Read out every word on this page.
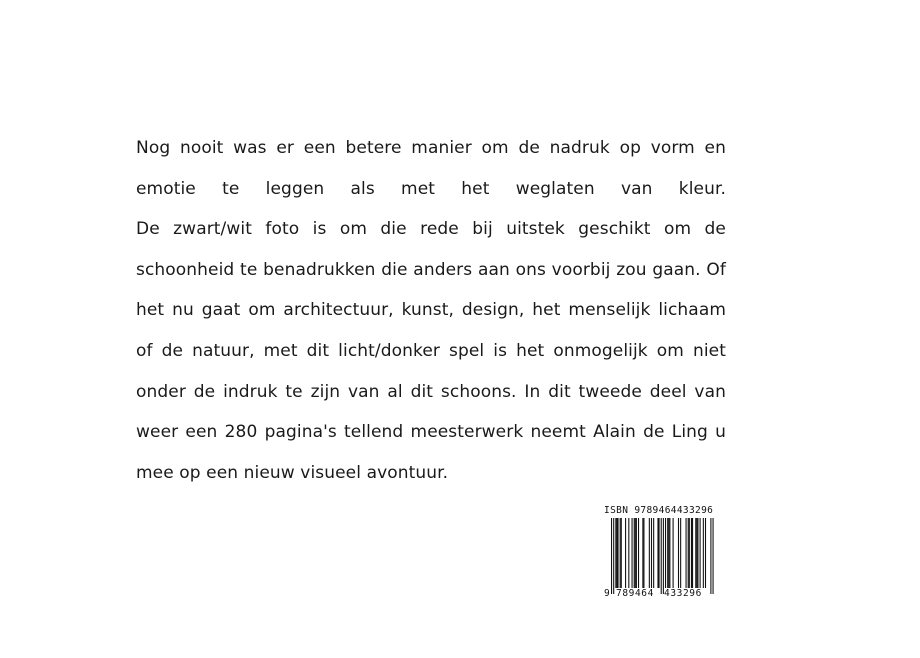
Nog nooit was er een betere manier om de nadruk op vorm en
emotie te leggen als met het weglaten van kleur.
De zwart/wit foto is om die rede bij uitstek geschikt om de
schoonheid te benadrukken die anders aan ons voorbij zou gaan. Of
het nu gaat om architectuur, kunst, design, het menselijk lichaam
of de natuur, met dit licht/donker spel is het onmogelijk om niet
onder de indruk te zijn van al dit schoons. In dit tweede deel van
weer een 280 pagina's tellend meesterwerk neemt Alain de Ling u
mee op een nieuw visueel avontuur.
ISBN 9789464433296
9 789464 433296
